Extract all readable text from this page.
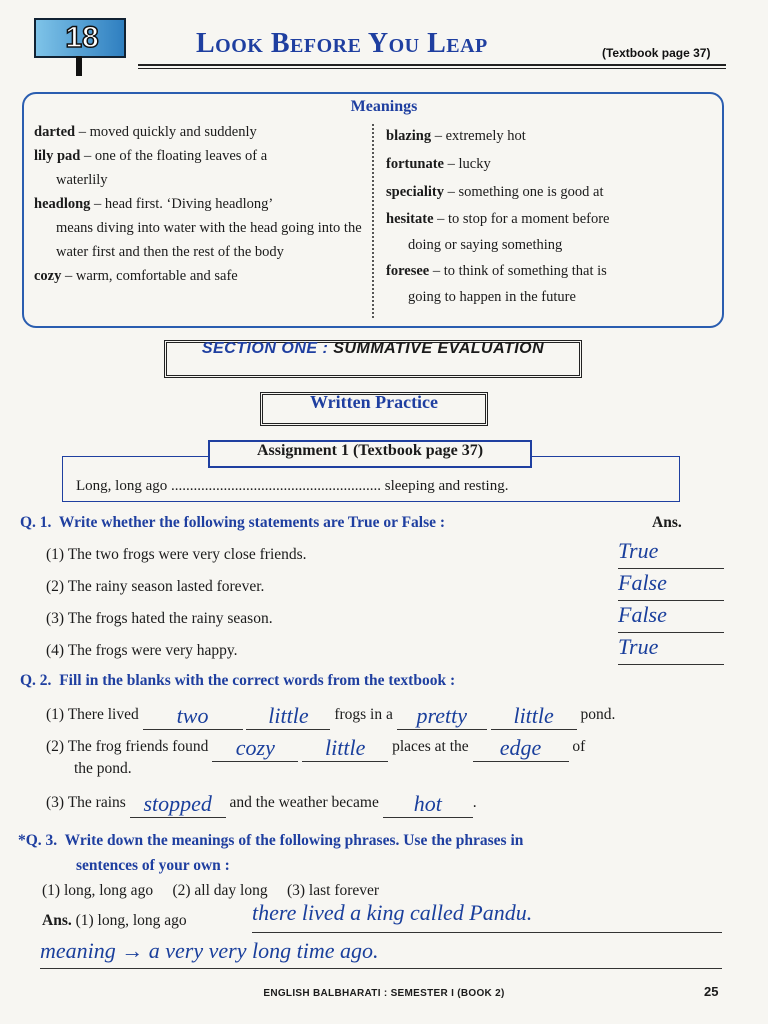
18	Look Before You Leap	(Textbook page 37)
Meanings
darted – moved quickly and suddenly
lily pad – one of the floating leaves of a
waterlily
headlong – head first. ‘Diving headlong’
means diving into water with the head going into the water first and then the rest of the body
cozy – warm, comfortable and safe
blazing – extremely hot
fortunate – lucky
speciality – something one is good at
hesitate – to stop for a moment before
doing or saying something
foresee – to think of something that is
going to happen in the future
SECTION ONE : SUMMATIVE EVALUATION
Written Practice
Assignment 1 (Textbook page 37)
Long, long ago ........................................................ sleeping and resting.
Q. 1. Write whether the following statements are True or False :	Ans.
(1) The two frogs were very close friends.	True
(2) The rainy season lasted forever.	False
(3) The frogs hated the rainy season.	False
(4) The frogs were very happy.	True
Q. 2. Fill in the blanks with the correct words from the textbook :
(1) There lived two	little frogs in a pretty little pond.
(2) The frog friends found cozy little places at the edge of
the pond.
(3) The rains stopped and the weather became hot .
*Q. 3. Write down the meanings of the following phrases. Use the phrases in
sentences of your own :
(1) long, long ago (2) all day long (3) last forever
Ans. (1) long, long ago	there lived a king called Pandu.
meaning → a very very long time ago.
ENGLISH BALBHARATI : SEMESTER I (BOOK 2)	25
